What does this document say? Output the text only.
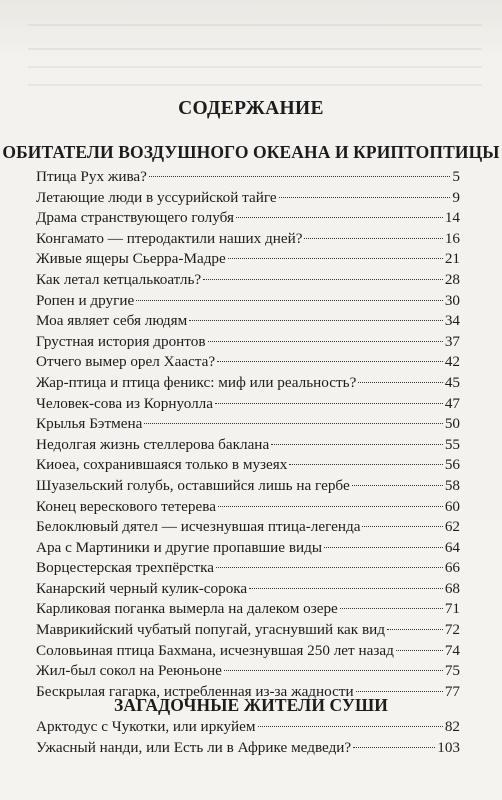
СОДЕРЖАНИЕ
ОБИТАТЕЛИ ВОЗДУШНОГО ОКЕАНА И КРИПТОПТИЦЫ
Птица Рух жива?	5
Летающие люди в уссурийской тайге	9
Драма странствующего голубя	14
Конгамато — птеродактили наших дней?	16
Живые ящеры Сьерра-Мадре	21
Как летал кетцалькоатль?	28
Ропен и другие	30
Моа являет себя людям	34
Грустная история дронтов	37
Отчего вымер орел Хааста?	42
Жар-птица и птица феникс: миф или реальность?	45
Человек-сова из Корнуолла	47
Крылья Бэтмена	50
Недолгая жизнь стеллерова баклана	55
Киоеа, сохранившаяся только в музеях	56
Шуазельский голубь, оставшийся лишь на гербе	58
Конец верескового тетерева	60
Белоклювый дятел — исчезнувшая птица-легенда	62
Ара с Мартиники и другие пропавшие виды	64
Ворцестерская трехпёрстка	66
Канарский черный кулик-сорока	68
Карликовая поганка вымерла на далеком озере	71
Маврикийский чубатый попугай, угаснувший как вид	72
Соловьиная птица Бахмана, исчезнувшая 250 лет назад	74
Жил-был сокол на Реюньоне	75
Бескрылая гагарка, истребленная из-за жадности	77
ЗАГАДОЧНЫЕ ЖИТЕЛИ СУШИ
Арктодус с Чукотки, или иркуйем	82
Ужасный нанди, или Есть ли в Африке медведи?	103
